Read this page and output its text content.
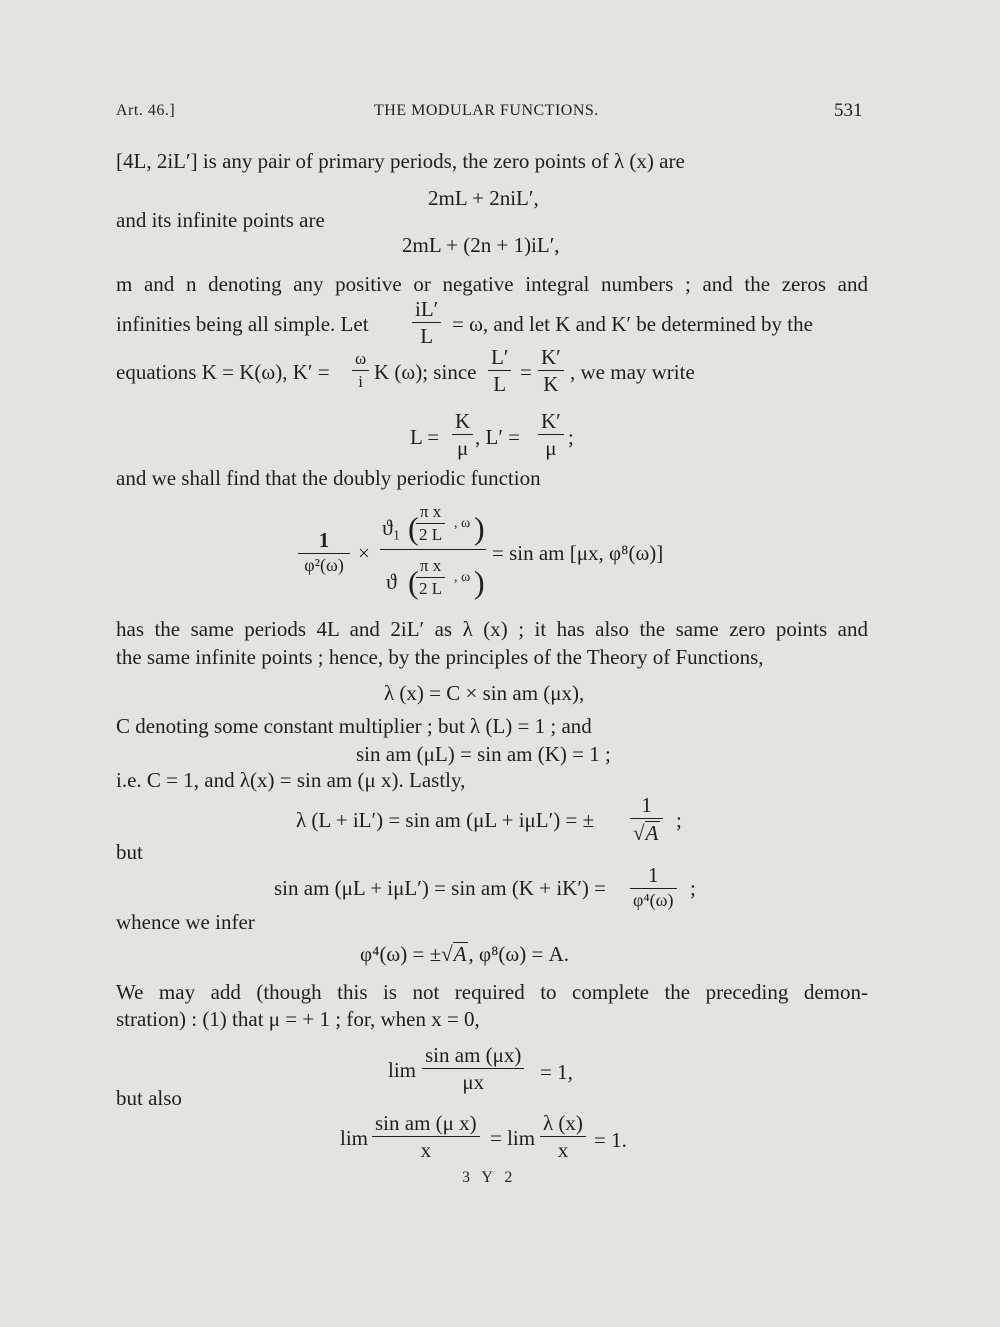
Art. 46.]	THE MODULAR FUNCTIONS.	531
[4L, 2iL′] is any pair of primary periods, the zero points of λ (x) are
2mL + 2niL′,
and its infinite points are
2mL + (2n + 1)iL′,
m and n denoting any positive or negative integral numbers ; and the zeros and
infinities being all simple. Let
iL′
L
= ω, and let K and K′ be determined by the
equations K = K(ω), K′ =
ω
i K (ω); since
L′
L
=
K′
K
, we may write
L =
K
μ , L′ =
K′
μ ;
and we shall find that the doubly periodic function
1
φ²(ω)
×
ϑ₁ ( π x
2 L
, ω )
ϑ ( π x
2 L
, ω )
= sin am [μx, φ⁸(ω)]
has the same periods 4L and 2iL′ as λ (x) ; it has also the same zero points and
the same infinite points ; hence, by the principles of the Theory of Functions,
λ (x) = C × sin am (μx),
C denoting some constant multiplier ; but λ (L) = 1 ; and
sin am (μL) = sin am (K) = 1 ;
i.e. C = 1, and λ(x) = sin am (μ x). Lastly,
λ (L + iL′) = sin am (μL + iμL′) = ±
1
√A
;
but
sin am (μL + iμL′) = sin am (K + iK′) =
1
φ⁴(ω)
;
whence we infer
φ⁴(ω) = ±√A, φ⁸(ω) = A.
We may add (though this is not required to complete the preceding demon-
stration) : (1) that μ = + 1 ; for, when x = 0,
lim
sin am (μx)
μx	= 1,
but also
lim
sin am (μ x)
x
= lim
λ (x)
x = 1.
3 Y 2
